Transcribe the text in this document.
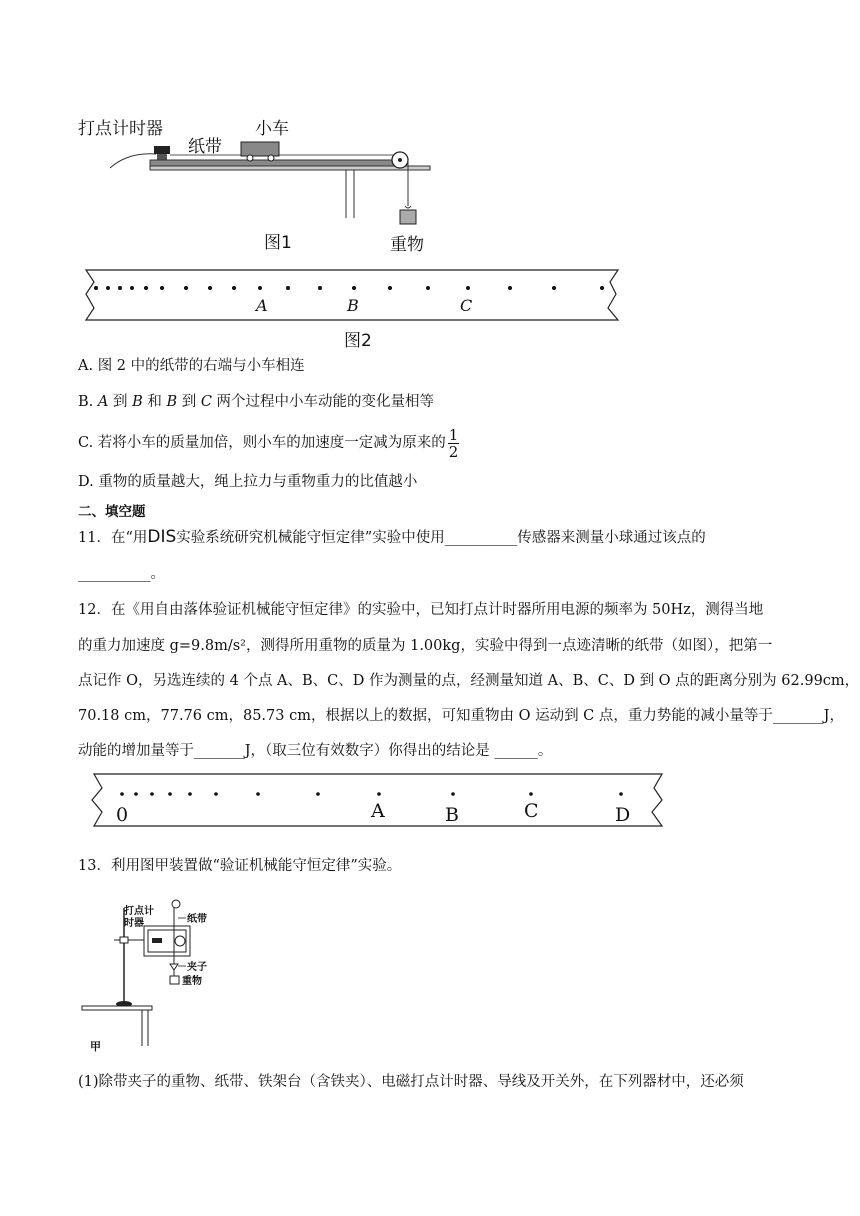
打点计时器
纸带
小车
重物
图1
A	B	C
图2
A. 图 2 中的纸带的右端与小车相连
B. A 到 B 和 B 到 C 两个过程中小车动能的变化量相等
C. 若将小车的质量加倍，则小车的加速度一定减为原来的 $\frac{1}{2}$
D. 重物的质量越大，绳上拉力与重物重力的比值越小
二、填空题
11．在“用DIS实验系统研究机械能守恒定律”实验中使用__________传感器来测量小球通过该点的
__________。
12．在《用自由落体验证机械能守恒定律》的实验中，已知打点计时器所用电源的频率为 50Hz，测得当地
的重力加速度 g=9.8m/s²，测得所用重物的质量为 1.00kg，实验中得到一点迹清晰的纸带（如图），把第一
点记作 O，另选连续的 4 个点 A、B、C、D 作为测量的点，经测量知道 A、B、C、D 到 O 点的距离分别为 62.99cm，
70.18 cm，77.76 cm，85.73 cm，根据以上的数据，可知重物由 O 运动到 C 点，重力势能的减小量等于_______J，
动能的增加量等于_______J，（取三位有效数字）你得出的结论是 ______。
0	A	B	C	D
13．利用图甲装置做“验证机械能守恒定律”实验。
打点计
时器	纸带
夹子
重物
甲
(1)除带夹子的重物、纸带、铁架台（含铁夹）、电磁打点计时器、导线及开关外，在下列器材中，还必须
